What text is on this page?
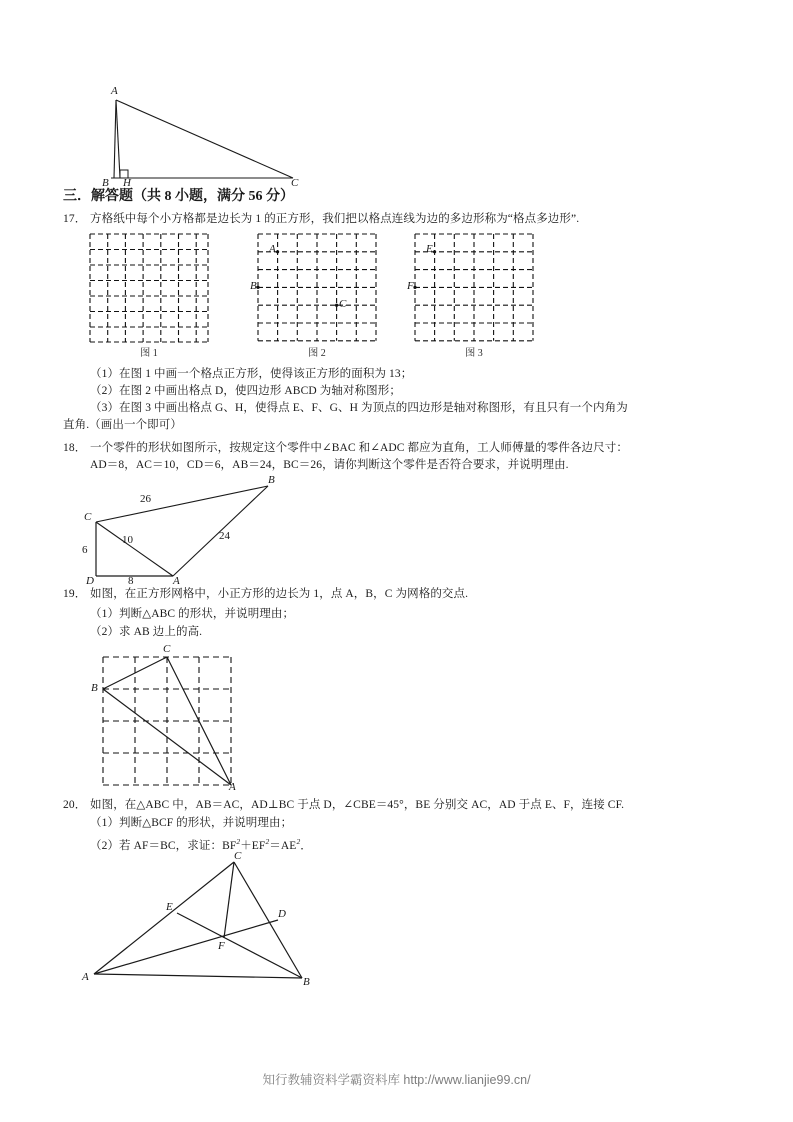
A
B H	C
三．解答题（共 8 小题，满分 56 分）
17． 方格纸中每个小方格都是边长为 1 的正方形，我们把以格点连线为边的多边形称为“格点多边形”.
图 1
A
B
C
图 2
E
F
图 3
（1）在图 1 中画一个格点正方形，使得该正方形的面积为 13；
（2）在图 2 中画出格点 D，使四边形 ABCD 为轴对称图形；
（3）在图 3 中画出格点 G、H，使得点 E、F、G、H 为顶点的四边形是轴对称图形，有且只有一个内角为
直角.（画出一个即可）
18． 一个零件的形状如图所示，按规定这个零件中∠BAC 和∠ADC 都应为直角，工人师傅量的零件各边尺寸：
AD＝8，AC＝10，CD＝6，AB＝24，BC＝26，请你判断这个零件是否符合要求，并说明理由.
D	A
C
B
26
10	24
6
8
19． 如图，在正方形网格中，小正方形的边长为 1，点 A，B，C 为网格的交点.
（1）判断△ABC 的形状，并说明理由；
（2）求 AB 边上的高.
C
B
A
20． 如图，在△ABC 中，AB＝AC，AD⊥BC 于点 D，∠CBE＝45°，BE 分别交 AC，AD 于点 E、F，连接 CF.
（1）判断△BCF 的形状，并说明理由；
（2）若 AF＝BC，求证：$BF^2+EF^2=AE^2$．
A	B
C
E
D
F
知行教辅资料学霸资料库 http://www.lianjie99.cn/
